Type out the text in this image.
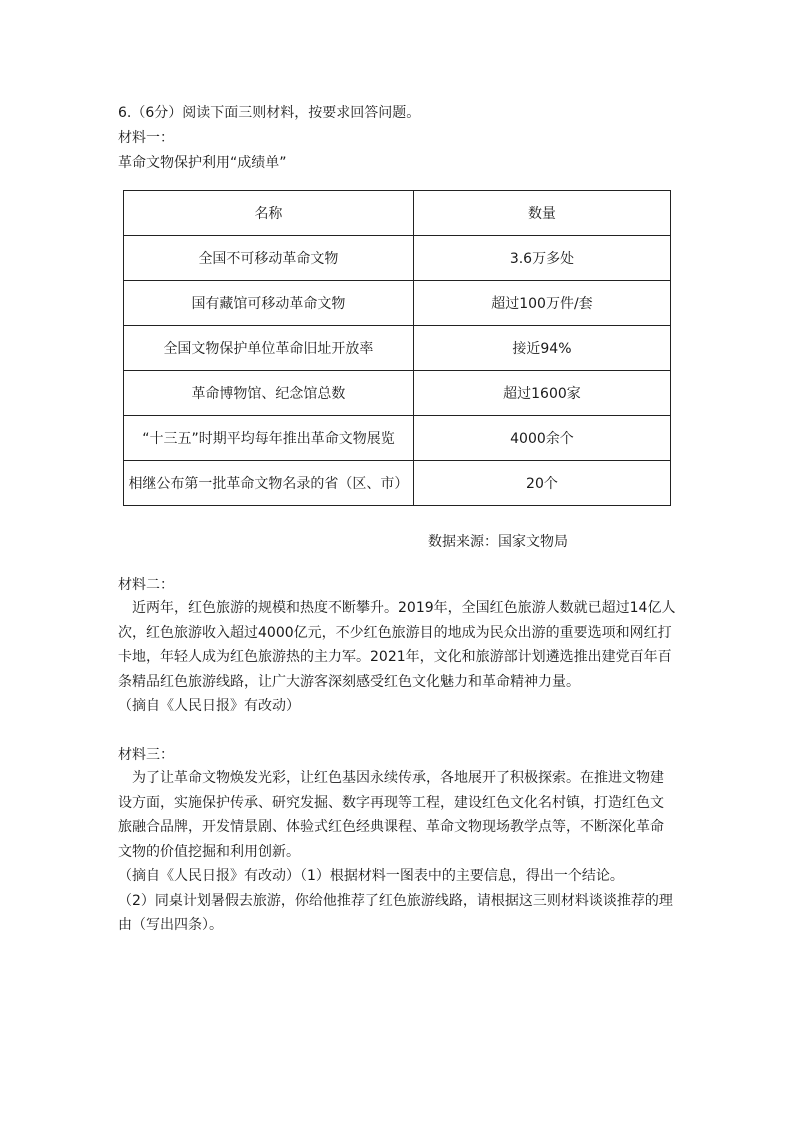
6.（6分）阅读下面三则材料，按要求回答问题。
材料一：
革命文物保护利用“成绩单”
名称	数量
全国不可移动革命文物	3.6万多处
国有藏馆可移动革命文物	超过100万件/套
全国文物保护单位革命旧址开放率	接近94%
革命博物馆、纪念馆总数	超过1600家
“十三五”时期平均每年推出革命文物展览	4000余个
相继公布第一批革命文物名录的省（区、市）	20个
数据来源：国家文物局
材料二：

近两年，红色旅游的规模和热度不断攀升。2019年，全国红色旅游人数就已超过14亿人次，红色旅游收入超过4000亿元，不少红色旅游目的地成为民众出游的重要选项和网红打卡地，年轻人成为红色旅游热的主力军。2021年，文化和旅游部计划遴选推出建党百年百条精品红色旅游线路，让广大游客深刻感受红色文化魅力和革命精神力量。

（摘自《人民日报》有改动）

材料三：

为了让革命文物焕发光彩，让红色基因永续传承，各地展开了积极探索。在推进文物建设方面，实施保护传承、研究发掘、数字再现等工程，建设红色文化名村镇，打造红色文旅融合品牌，开发情景剧、体验式红色经典课程、革命文物现场教学点等，不断深化革命文物的价值挖掘和利用创新。

（摘自《人民日报》有改动）（1）根据材料一图表中的主要信息，得出一个结论。

（2）同桌计划暑假去旅游，你给他推荐了红色旅游线路，请根据这三则材料谈谈推荐的理由（写出四条）。
